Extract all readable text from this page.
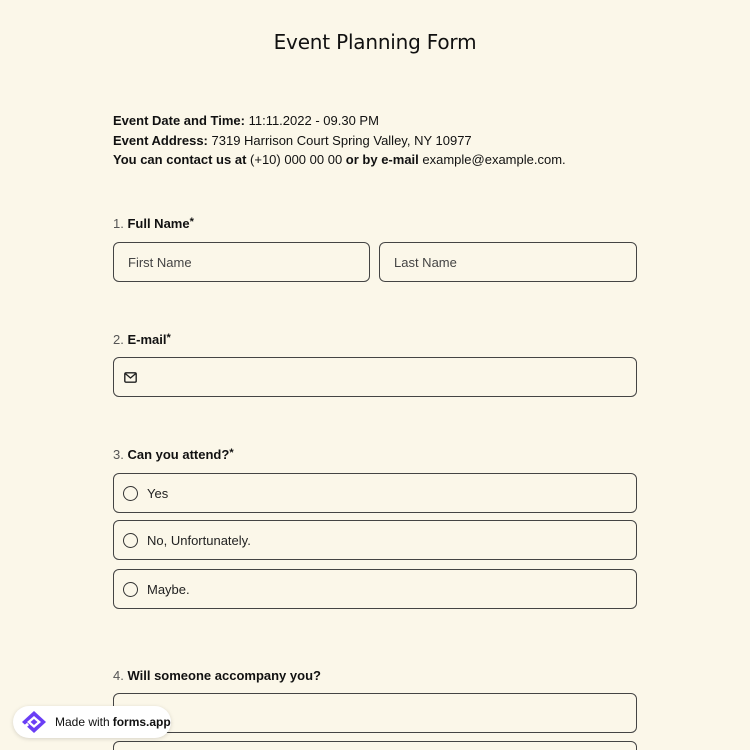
Event Planning Form
Event Date and Time: 11:11.2022 - 09.30 PM
Event Address: 7319 Harrison Court Spring Valley, NY 10977
You can contact us at (+10) 000 00 00 or by e-mail example@example.com.
1. Full Name*
First Name	Last Name
2. E-mail*
3. Can you attend?*
Yes
No, Unfortunately.
Maybe.
4. Will someone accompany you?
Made with forms.app
